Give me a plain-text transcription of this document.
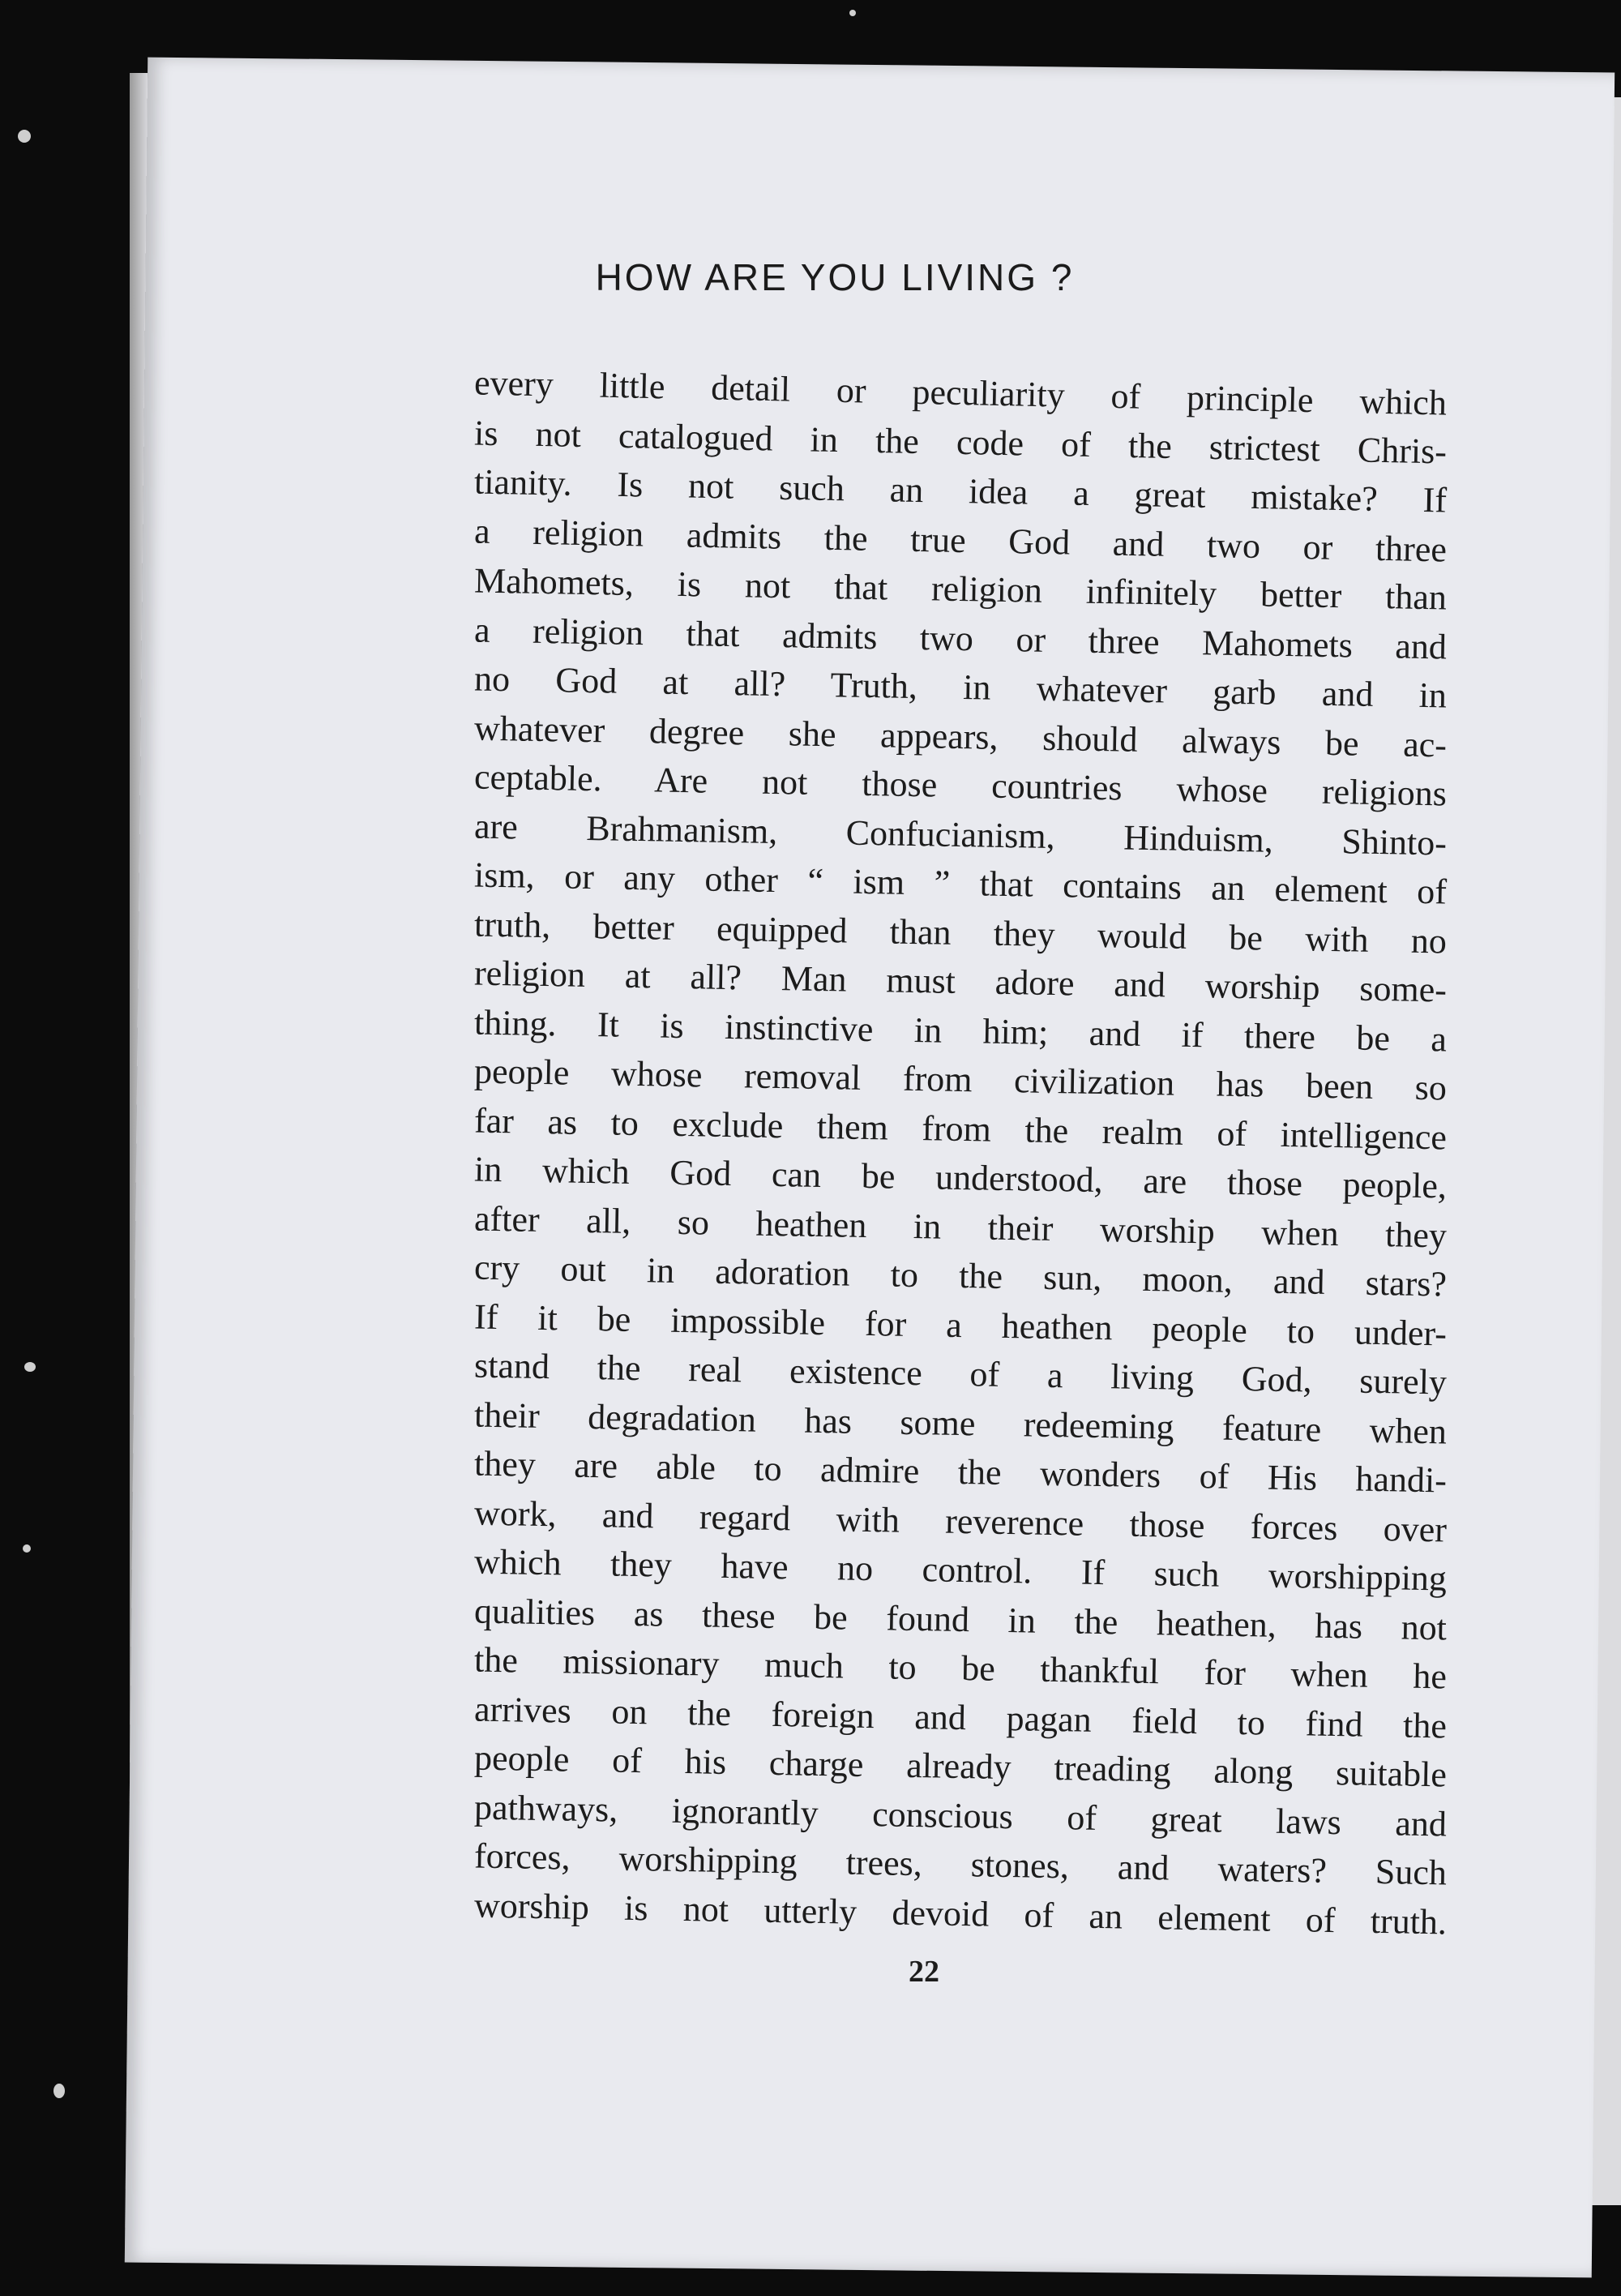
HOW ARE YOU LIVING ?
every little detail or peculiarity of principle which
is not catalogued in the code of the strictest Chris-
tianity. Is not such an idea a great mistake? If
a religion admits the true God and two or three
Mahomets, is not that religion infinitely better than
a religion that admits two or three Mahomets and
no God at all? Truth, in whatever garb and in
whatever degree she appears, should always be ac-
ceptable. Are not those countries whose religions
are Brahmanism, Confucianism, Hinduism, Shinto-
ism, or any other “ ism ” that contains an element of
truth, better equipped than they would be with no
religion at all? Man must adore and worship some-
thing. It is instinctive in him; and if there be a
people whose removal from civilization has been so
far as to exclude them from the realm of intelligence
in which God can be understood, are those people,
after all, so heathen in their worship when they
cry out in adoration to the sun, moon, and stars?
If it be impossible for a heathen people to under-
stand the real existence of a living God, surely
their degradation has some redeeming feature when
they are able to admire the wonders of His handi-
work, and regard with reverence those forces over
which they have no control. If such worshipping
qualities as these be found in the heathen, has not
the missionary much to be thankful for when he
arrives on the foreign and pagan field to find the
people of his charge already treading along suitable
pathways, ignorantly conscious of great laws and
forces, worshipping trees, stones, and waters? Such
worship is not utterly devoid of an element of truth.
22
